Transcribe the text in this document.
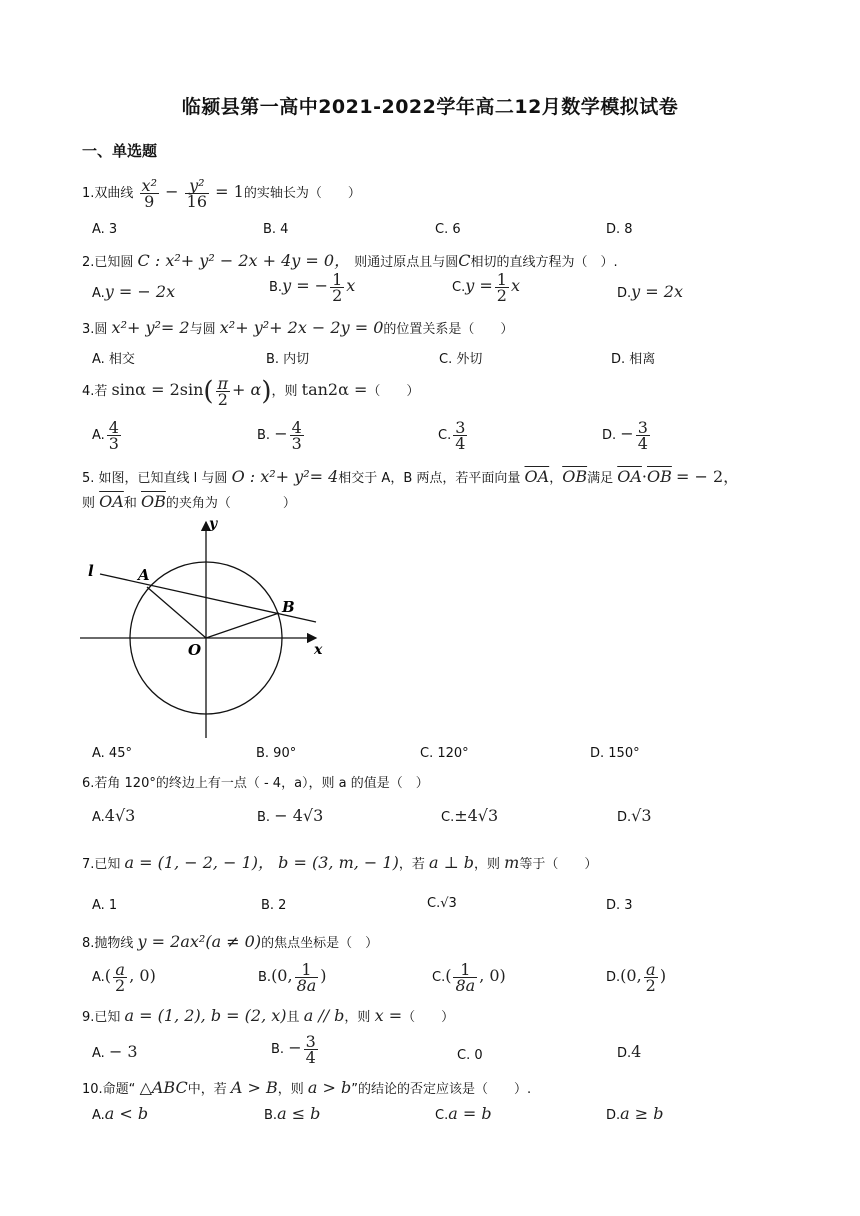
临颍县第一高中2021-2022学年高二12月数学模拟试卷
一、单选题
1.双曲线 $\frac{\text{x²}}{9} - \frac{\text{y²}}{16} = 1$的实轴长为（　　）
A. 3	B. 4	C. 6	D. 8
2.已知圆 C : x²+ y² − 2x + 4y = 0， 则通过原点且与圆C相切的直线方程为（　）.
A.y = − 2x	B.y = − $\frac{1}{2}$ x	$C.y = \frac{1}{2}$ x	D.y = 2x
3.圆 x²+ y²= 2与圆 x²+ y²+ 2x − 2y = 0的位置关系是（　　）
A. 相交	B. 内切	C. 外切	D. 相离
4.若 $\sin\alpha = 2\sin( \frac{\pi}{2} + \alpha)$，则 tan2α =（　　）
A. $\frac{4}{3}$	B. − $\frac{4}{3}$	C. $\frac{3}{4}$	D. − $\frac{3}{4}$
5. 如图，已知直线 l 与圆 O : x²+ y²= 4相交于 A，B 两点，若平面向量 $\overline{OA}$，$\overline{OB}$满足 $\overline{OA}\cdot\overline{OB}$ = − 2，
则 $\overline{OA}$和 $\overline{OB}$的夹角为（　　　　）
y
x
l	A
B
O
A. 45°	B. 90°	C. 120°	D. 150°
6.若角 120°的终边上有一点（ - 4，a），则 a 的值是（　）
A.4√3	B. − 4√3	C.±4√3	D.√3
7.已知 a = (1, − 2, − 1)， b = (3, m, − 1)，若 a ⊥ b，则 m等于（　　）
A. 1	B. 2	C.√3	D. 3
8.抛物线 y = 2ax²(a ≠ 0)的焦点坐标是（　）
$A.( \frac{a}{2}$ , 0)	B.(0, $\frac{1}{8a}$ )	$C.( \frac{1}{8a}$ , 0)	D.(0, $\frac{a}{2}$ )
9.已知 a = (1, 2), b = (2, x)且 a // b，则 x =（　　）
A. − 3	B. − $\frac{3}{4}$	C. 0	D.4
10.命题“ △ABC中，若 A > B，则 a > b”的结论的否定应该是（　　）.
A.a < b	B.a ≤ b	C.a = b	D.a ≥ b
